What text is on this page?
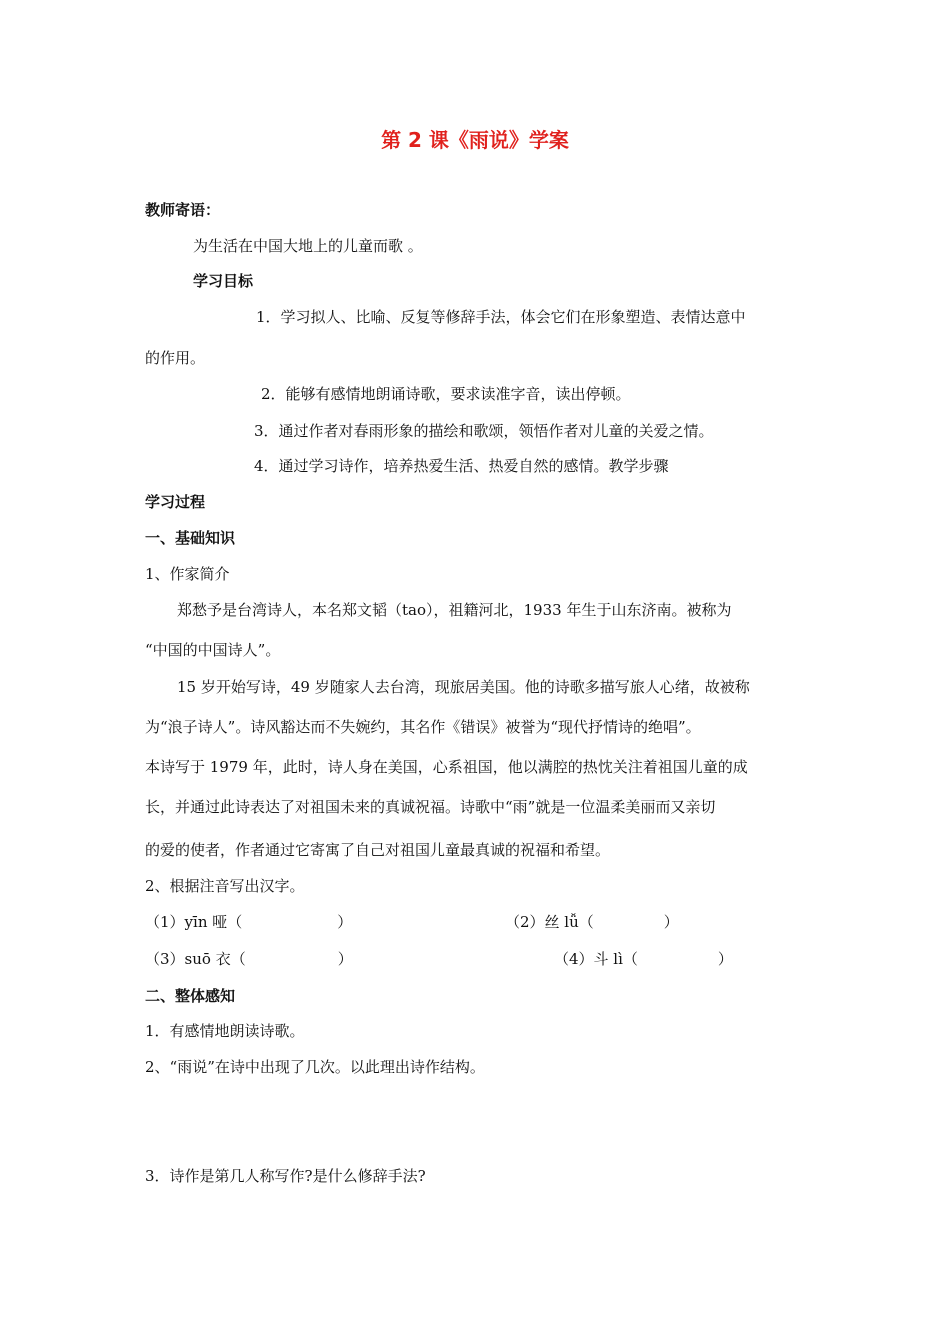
第 2 课《雨说》学案
教师寄语：
为生活在中国大地上的儿童而歌 。
学习目标
1．学习拟人、比喻、反复等修辞手法，体会它们在形象塑造、表情达意中
的作用。
2．能够有感情地朗诵诗歌，要求读准字音，读出停顿。
3．通过作者对春雨形象的描绘和歌颂，领悟作者对儿童的关爱之情。
4．通过学习诗作，培养热爱生活、热爱自然的感情。教学步骤
学习过程
一、基础知识
1、作家简介
郑愁予是台湾诗人，本名郑文韬（tao），祖籍河北，1933 年生于山东济南。被称为
“中国的中国诗人”。
15 岁开始写诗，49 岁随家人去台湾，现旅居美国。他的诗歌多描写旅人心绪，故被称
为“浪子诗人”。诗风豁达而不失婉约，其名作《错误》被誉为“现代抒情诗的绝唱”。
本诗写于 1979 年，此时，诗人身在美国，心系祖国，他以满腔的热忱关注着祖国儿童的成
长，并通过此诗表达了对祖国未来的真诚祝福。诗歌中“雨”就是一位温柔美丽而又亲切
的爱的使者，作者通过它寄寓了自己对祖国儿童最真诚的祝福和希望。
2、根据注音写出汉字。
（1）yīn 哑（	）	（2）丝 lǚ（	）
（3）suō 衣（	）	（4）斗 lì（	）
二、整体感知
1．有感情地朗读诗歌。
2、“雨说”在诗中出现了几次。以此理出诗作结构。
3．诗作是第几人称写作?是什么修辞手法?
